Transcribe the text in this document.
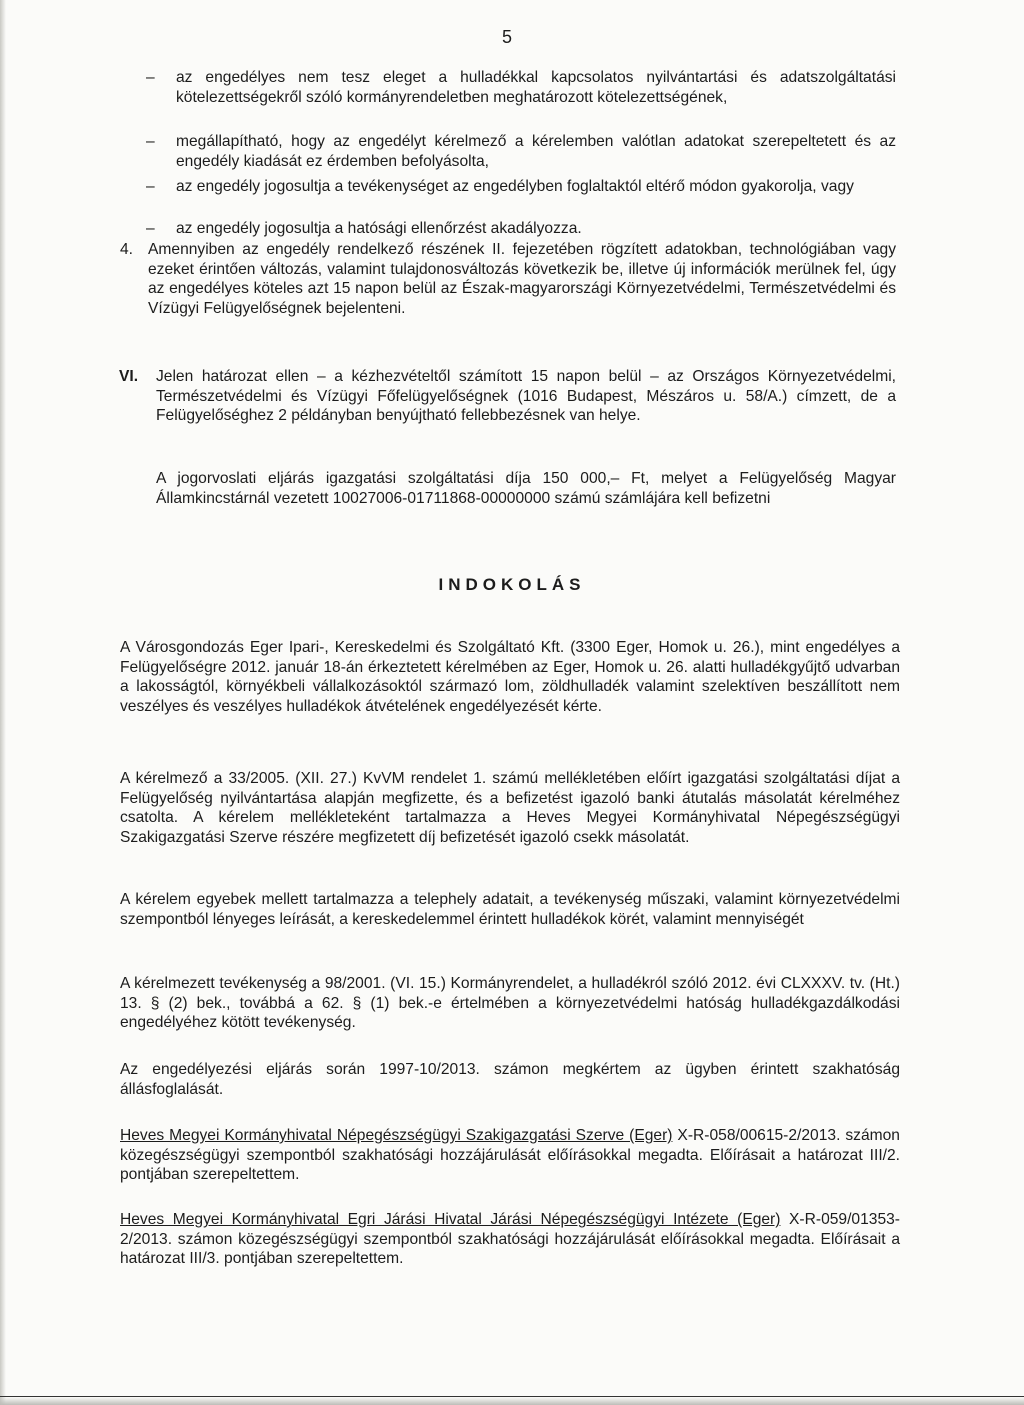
5
– az engedélyes nem tesz eleget a hulladékkal kapcsolatos nyilvántartási és adatszolgáltatási kötelezettségekről szóló kormányrendeletben meghatározott kötelezettségének,
– megállapítható, hogy az engedélyt kérelmező a kérelemben valótlan adatokat szerepeltetett és az engedély kiadását ez érdemben befolyásolta,
– az engedély jogosultja a tevékenységet az engedélyben foglaltaktól eltérő módon gyakorolja, vagy
– az engedély jogosultja a hatósági ellenőrzést akadályozza.
4. Amennyiben az engedély rendelkező részének II. fejezetében rögzített adatokban, technológiában vagy ezeket érintően változás, valamint tulajdonosváltozás következik be, illetve új információk merülnek fel, úgy az engedélyes köteles azt 15 napon belül az Észak-magyarországi Környezetvédelmi, Természetvédelmi és Vízügyi Felügyelőségnek bejelenteni.
VI. Jelen határozat ellen – a kézhezvételtől számított 15 napon belül – az Országos Környezetvédelmi, Természetvédelmi és Vízügyi Főfelügyelőségnek (1016 Budapest, Mészáros u. 58/A.) címzett, de a Felügyelőséghez 2 példányban benyújtható fellebbezésnek van helye.
A jogorvoslati eljárás igazgatási szolgáltatási díja 150 000,– Ft, melyet a Felügyelőség Magyar Államkincstárnál vezetett 10027006-01711868-00000000 számú számlájára kell befizetni
INDOKOLÁS
A Városgondozás Eger Ipari-, Kereskedelmi és Szolgáltató Kft. (3300 Eger, Homok u. 26.), mint engedélyes a Felügyelőségre 2012. január 18-án érkeztetett kérelmében az Eger, Homok u. 26. alatti hulladékgyűjtő udvarban a lakosságtól, környékbeli vállalkozásoktól származó lom, zöldhulladék valamint szelektíven beszállított nem veszélyes és veszélyes hulladékok átvételének engedélyezését kérte.
A kérelmező a 33/2005. (XII. 27.) KvVM rendelet 1. számú mellékletében előírt igazgatási szolgáltatási díjat a Felügyelőség nyilvántartása alapján megfizette, és a befizetést igazoló banki átutalás másolatát kérelméhez csatolta. A kérelem mellékleteként tartalmazza a Heves Megyei Kormányhivatal Népegészségügyi Szakigazgatási Szerve részére megfizetett díj befizetését igazoló csekk másolatát.
A kérelem egyebek mellett tartalmazza a telephely adatait, a tevékenység műszaki, valamint környezetvédelmi szempontból lényeges leírását, a kereskedelemmel érintett hulladékok körét, valamint mennyiségét
A kérelmezett tevékenység a 98/2001. (VI. 15.) Kormányrendelet, a hulladékról szóló 2012. évi CLXXXV. tv. (Ht.) 13. § (2) bek., továbbá a 62. § (1) bek.-e értelmében a környezetvédelmi hatóság hulladékgazdálkodási engedélyéhez kötött tevékenység.
Az engedélyezési eljárás során 1997-10/2013. számon megkértem az ügyben érintett szakhatóság állásfoglalását.
Heves Megyei Kormányhivatal Népegészségügyi Szakigazgatási Szerve (Eger) X-R-058/00615-2/2013. számon közegészségügyi szempontból szakhatósági hozzájárulását előírásokkal megadta. Előírásait a határozat III/2. pontjában szerepeltettem.
Heves Megyei Kormányhivatal Egri Járási Hivatal Járási Népegészségügyi Intézete (Eger) X-R-059/01353-2/2013. számon közegészségügyi szempontból szakhatósági hozzájárulását előírásokkal megadta. Előírásait a határozat III/3. pontjában szerepeltettem.
